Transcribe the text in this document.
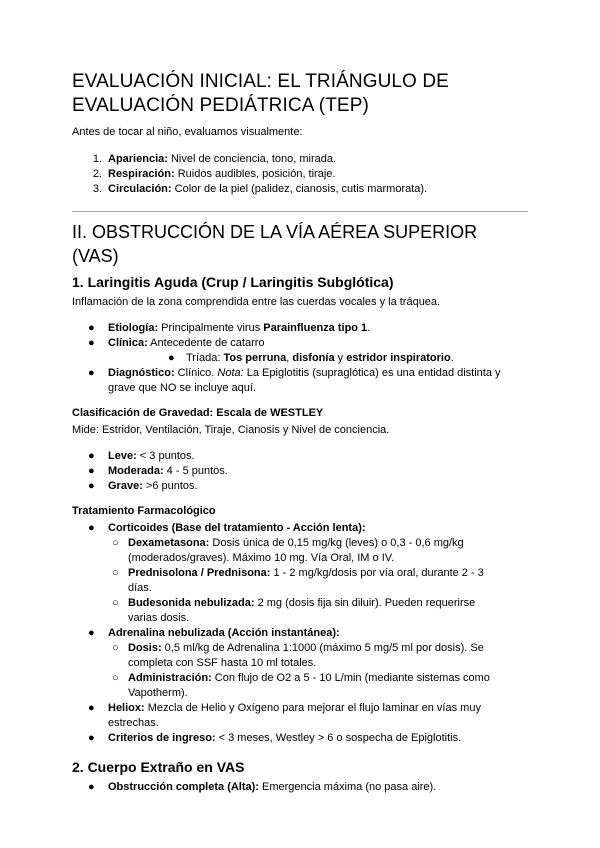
EVALUACIÓN INICIAL: EL TRIÁNGULO DE
EVALUACIÓN PEDIÁTRICA (TEP)

Antes de tocar al niño, evaluamos visualmente:

1. Apariencia: Nivel de conciencia, tono, mirada.
2. Respiración: Ruidos audibles, posición, tiraje.
3. Circulación: Color de la piel (palidez, cianosis, cutis marmorata).
II. OBSTRUCCIÓN DE LA VÍA AÉREA SUPERIOR (VAS)
1. Laringitis Aguda (Crup / Laringitis Subglótica)

Inflamación de la zona comprendida entre las cuerdas vocales y la tráquea.

● Etiología: Principalmente virus Parainfluenza tipo 1.
● Clínica: Antecedente de catarro
● Tríada: Tos perruna, disfonía y estridor inspiratorio.
● Diagnóstico: Clínico. Nota: La Epiglotitis (supraglótica) es una entidad distinta y
grave que NO se incluye aquí.
Clasificación de Gravedad: Escala de WESTLEY

Mide: Estridor, Ventilación, Tiraje, Cianosis y Nivel de conciencia.

● Leve: < 3 puntos.
● Moderada: 4 - 5 puntos.
● Grave: >6 puntos.
Tratamiento Farmacológico
● Corticoides (Base del tratamiento - Acción lenta):
○ Dexametasona: Dosis única de 0,15 mg/kg (leves) o 0,3 - 0,6 mg/kg
(moderados/graves). Máximo 10 mg. Vía Oral, IM o IV.
○ Prednisolona / Prednisona: 1 - 2 mg/kg/dosis por vía oral, durante 2 - 3
días.
○ Budesonida nebulizada: 2 mg (dosis fija sin diluir). Pueden requerirse
varias dosis.
● Adrenalina nebulizada (Acción instantánea):
○ Dosis: 0,5 ml/kg de Adrenalina 1:1000 (máximo 5 mg/5 ml por dosis). Se
completa con SSF hasta 10 ml totales.
○ Administración: Con flujo de O2 a 5 - 10 L/min (mediante sistemas como
Vapotherm).
● Heliox: Mezcla de Helio y Oxígeno para mejorar el flujo laminar en vías muy
estrechas.
● Criterios de ingreso: < 3 meses, Westley > 6 o sospecha de Epiglotitis.
2. Cuerpo Extraño en VAS
● Obstrucción completa (Alta): Emergencia máxima (no pasa aire).
